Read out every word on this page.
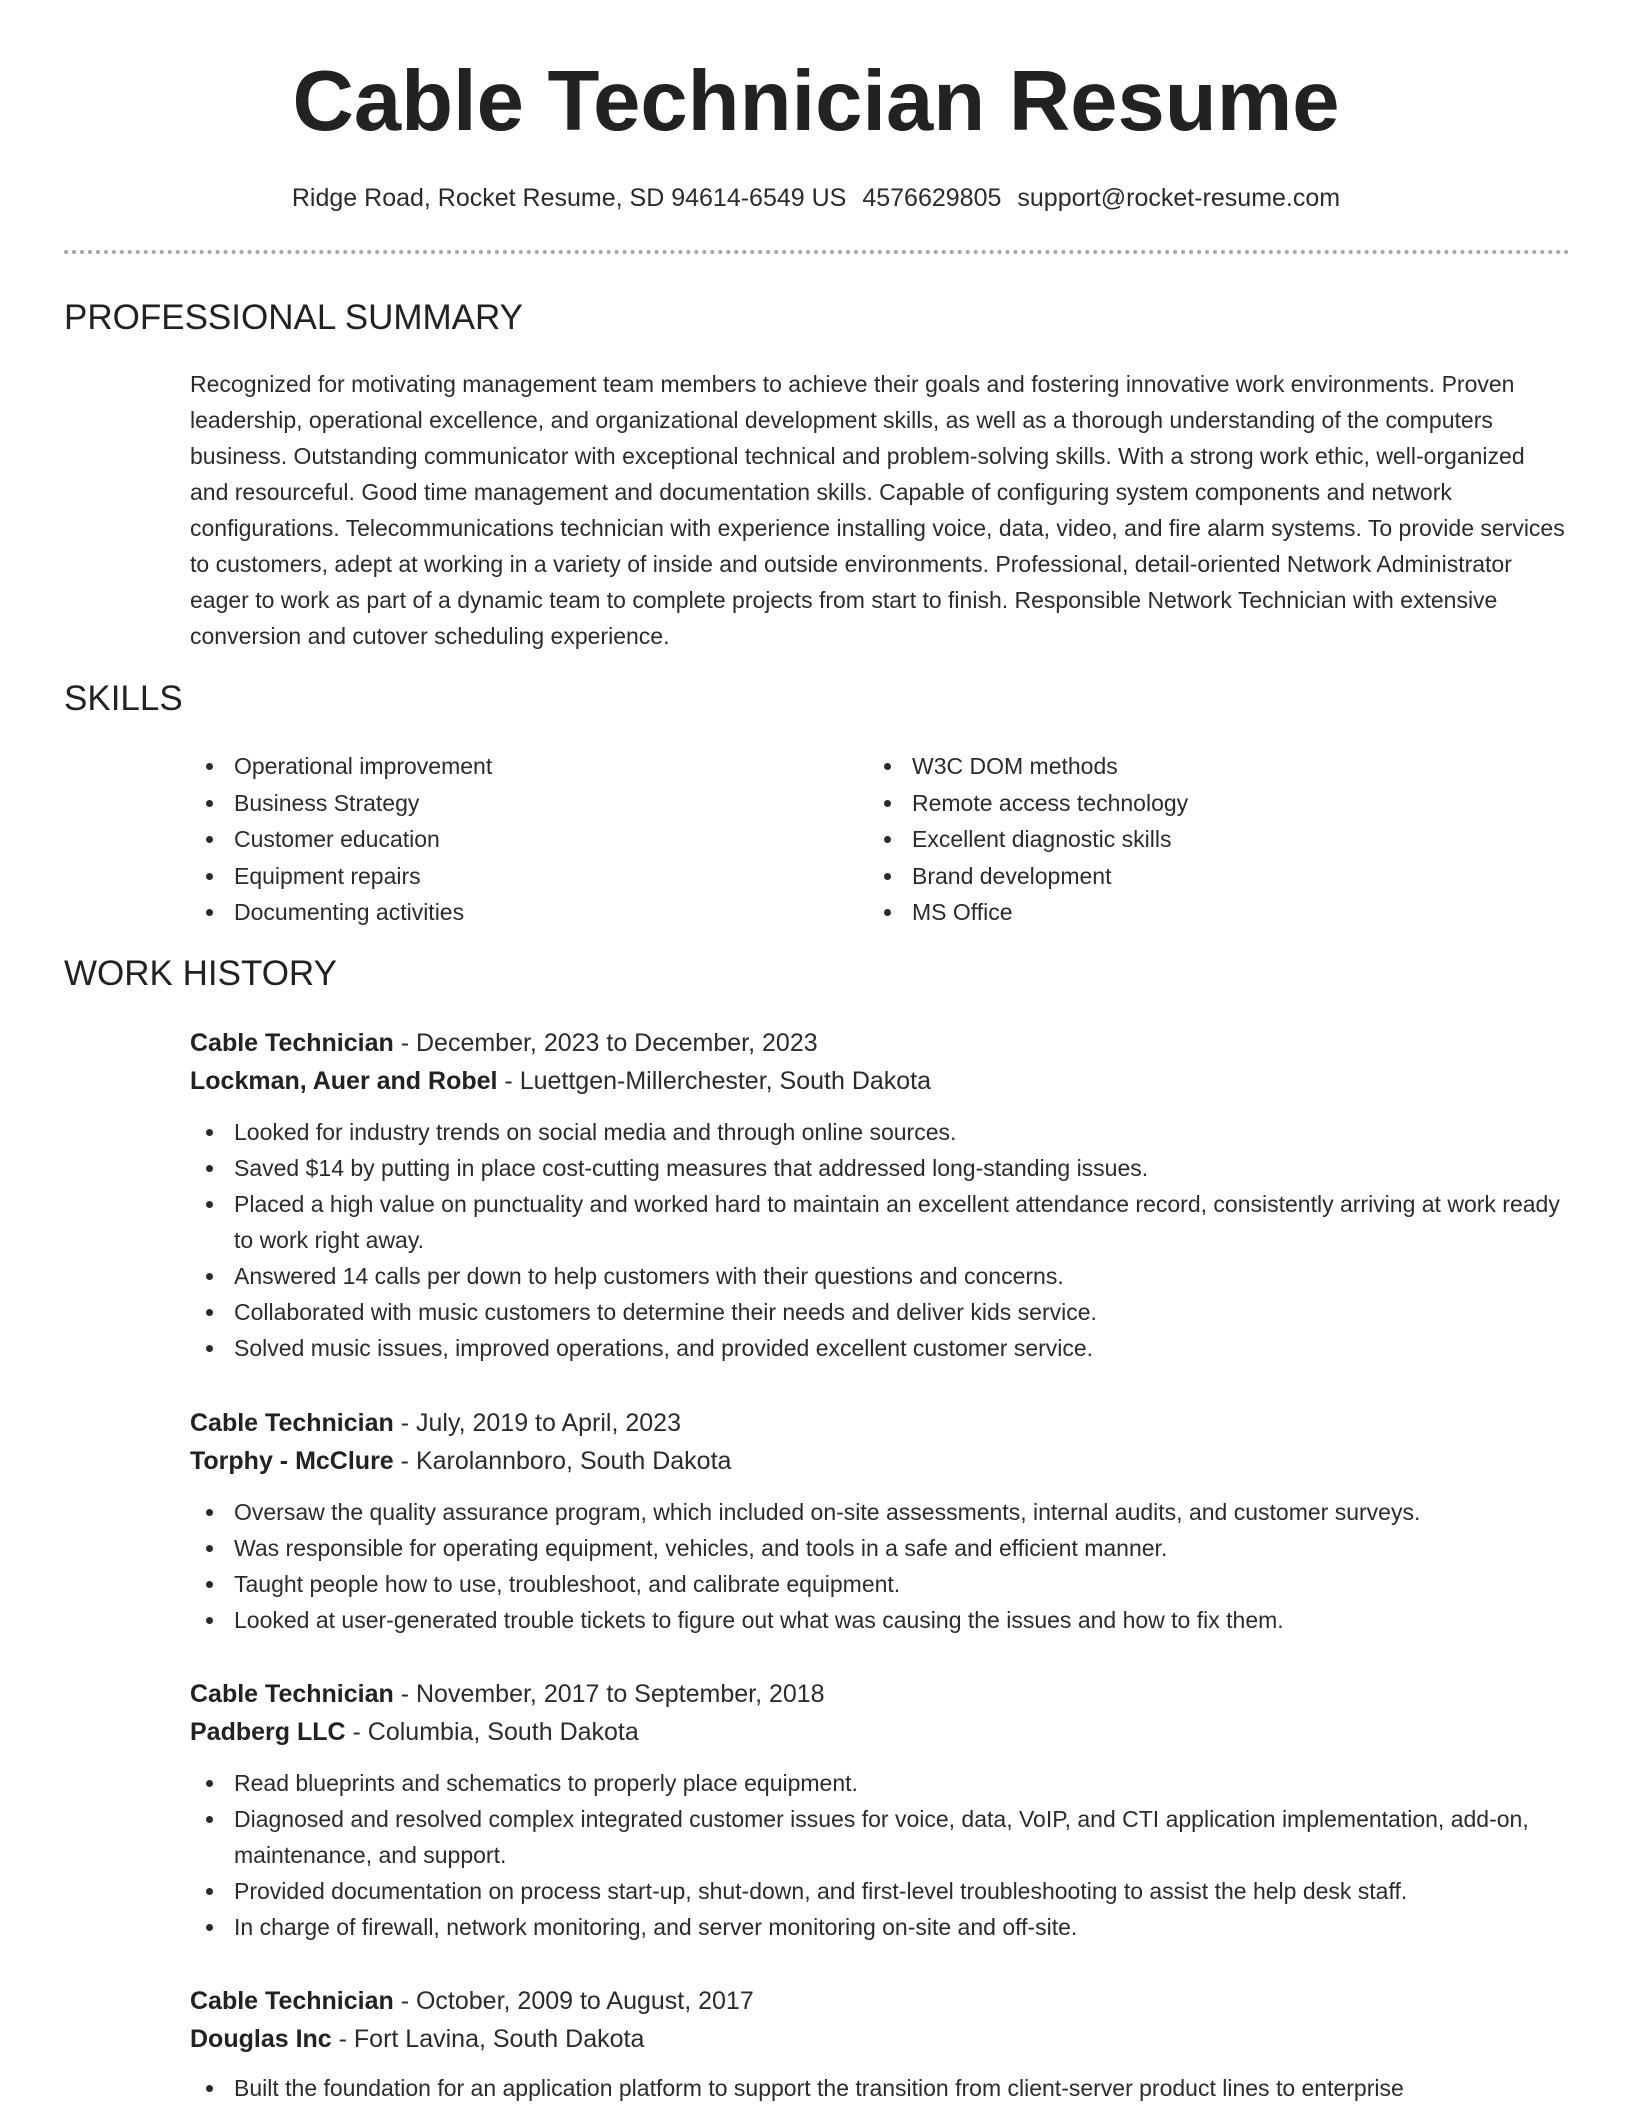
Cable Technician Resume
Ridge Road, Rocket Resume, SD 94614-6549 US 4576629805 support@rocket-resume.com
PROFESSIONAL SUMMARY

Recognized for motivating management team members to achieve their goals and fostering innovative work environments. Proven leadership, operational excellence, and organizational development skills, as well as a thorough understanding of the computers business. Outstanding communicator with exceptional technical and problem-solving skills. With a strong work ethic, well-organized and resourceful. Good time management and documentation skills. Capable of configuring system components and network configurations. Telecommunications technician with experience installing voice, data, video, and fire alarm systems. To provide services to customers, adept at working in a variety of inside and outside environments. Professional, detail-oriented Network Administrator eager to work as part of a dynamic team to complete projects from start to finish. Responsible Network Technician with extensive conversion and cutover scheduling experience.

SKILLS
Operational improvement
Business Strategy
Customer education
Equipment repairs
Documenting activities
W3C DOM methods
Remote access technology
Excellent diagnostic skills
Brand development
MS Office
WORK HISTORY
Cable Technician - December, 2023 to December, 2023
Lockman, Auer and Robel - Luettgen-Millerchester, South Dakota
Looked for industry trends on social media and through online sources.
Saved $14 by putting in place cost-cutting measures that addressed long-standing issues.
Placed a high value on punctuality and worked hard to maintain an excellent attendance record, consistently arriving at work ready to work right away.
Answered 14 calls per down to help customers with their questions and concerns.
Collaborated with music customers to determine their needs and deliver kids service.
Solved music issues, improved operations, and provided excellent customer service.
Cable Technician - July, 2019 to April, 2023
Torphy - McClure - Karolannboro, South Dakota
Oversaw the quality assurance program, which included on-site assessments, internal audits, and customer surveys.
Was responsible for operating equipment, vehicles, and tools in a safe and efficient manner.
Taught people how to use, troubleshoot, and calibrate equipment.
Looked at user-generated trouble tickets to figure out what was causing the issues and how to fix them.
Cable Technician - November, 2017 to September, 2018
Padberg LLC - Columbia, South Dakota
Read blueprints and schematics to properly place equipment.
Diagnosed and resolved complex integrated customer issues for voice, data, VoIP, and CTI application implementation, add-on, maintenance, and support.
Provided documentation on process start-up, shut-down, and first-level troubleshooting to assist the help desk staff.
In charge of firewall, network monitoring, and server monitoring on-site and off-site.
Cable Technician - October, 2009 to August, 2017
Douglas Inc - Fort Lavina, South Dakota
Built the foundation for an application platform to support the transition from client-server product lines to enterprise
